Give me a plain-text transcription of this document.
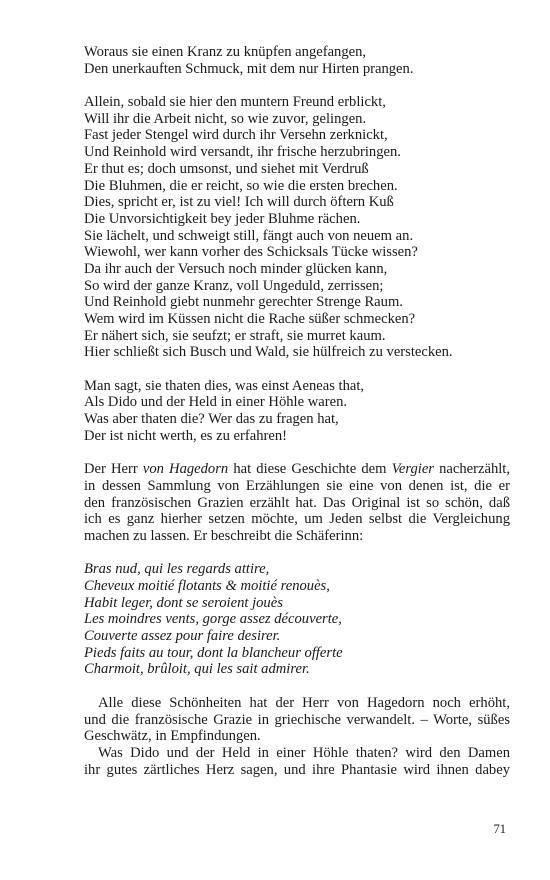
Woraus sie einen Kranz zu knüpfen angefangen,
Den unerkauften Schmuck, mit dem nur Hirten prangen.
Allein, sobald sie hier den muntern Freund erblickt,
Will ihr die Arbeit nicht, so wie zuvor, gelingen.
Fast jeder Stengel wird durch ihr Versehn zerknickt,
Und Reinhold wird versandt, ihr frische herzubringen.
Er thut es; doch umsonst, und siehet mit Verdruß
Die Bluhmen, die er reicht, so wie die ersten brechen.
Dies, spricht er, ist zu viel! Ich will durch öftern Kuß
Die Unvorsichtigkeit bey jeder Bluhme rächen.
Sie lächelt, und schweigt still, fängt auch von neuem an.
Wiewohl, wer kann vorher des Schicksals Tücke wissen?
Da ihr auch der Versuch noch minder glücken kann,
So wird der ganze Kranz, voll Ungeduld, zerrissen;
Und Reinhold giebt nunmehr gerechter Strenge Raum.
Wem wird im Küssen nicht die Rache süßer schmecken?
Er nähert sich, sie seufzt; er straft, sie murret kaum.
Hier schließt sich Busch und Wald, sie hülfreich zu verstecken.
Man sagt, sie thaten dies, was einst Aeneas that,
Als Dido und der Held in einer Höhle waren.
Was aber thaten die? Wer das zu fragen hat,
Der ist nicht werth, es zu erfahren!
Der Herr von Hagedorn hat diese Geschichte dem Vergier nacherzählt,
in dessen Sammlung von Erzählungen sie eine von denen ist, die er
den französischen Grazien erzählt hat. Das Original ist so schön, daß
ich es ganz hierher setzen möchte, um Jeden selbst die Vergleichung
machen zu lassen. Er beschreibt die Schäferinn:
Bras nud, qui les regards attire,
Cheveux moitié flotants & moitié renouès,
Habit leger, dont se seroient jouès
Les moindres vents, gorge assez découverte,
Couverte assez pour faire desirer.
Pieds faits au tour, dont la blancheur offerte
Charmoit, brûloit, qui les sait admirer.
Alle diese Schönheiten hat der Herr von Hagedorn noch erhöht,
und die französische Grazie in griechische verwandelt. – Worte, süßes
Geschwätz, in Empfindungen.
Was Dido und der Held in einer Höhle thaten? wird den Damen
ihr gutes zärtliches Herz sagen, und ihre Phantasie wird ihnen dabey
71
